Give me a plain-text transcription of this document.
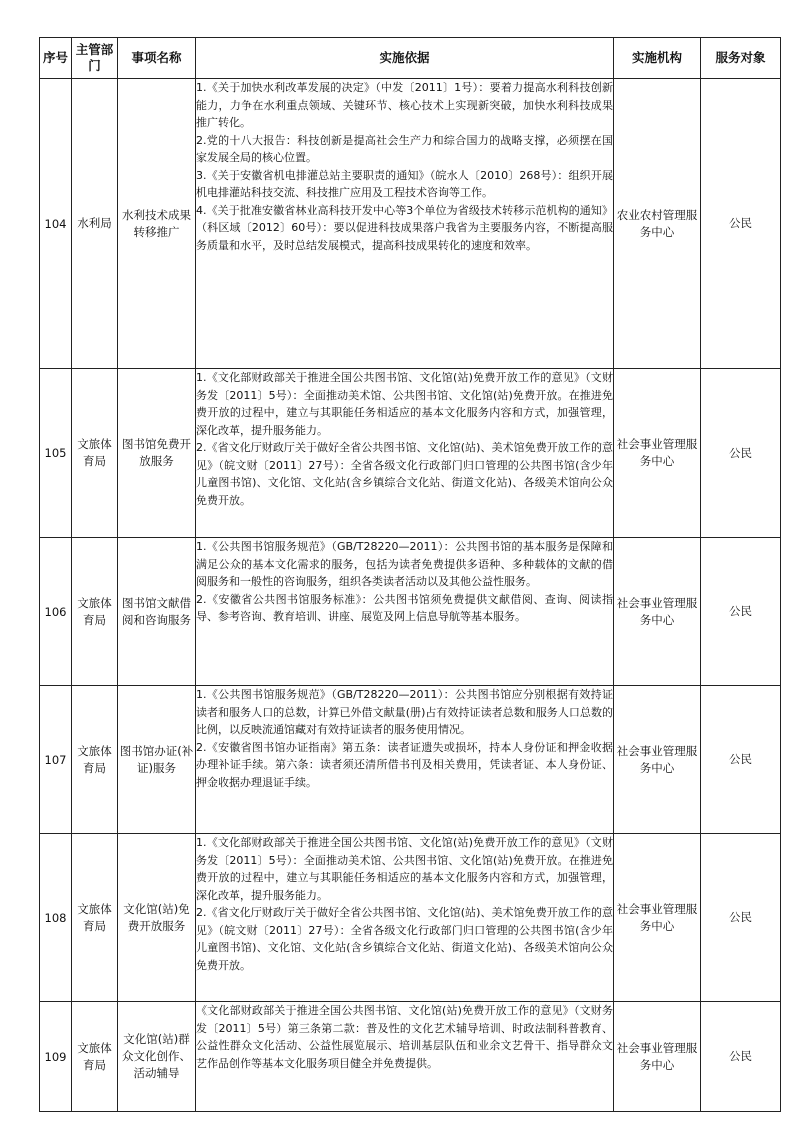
序号	主管部门	事项名称	实施依据	实施机构	服务对象
104	水利局	水利技术成果转移推广	1.《关于加快水利改革发展的决定》（中发〔2011〕1号）：要着力提高水利科技创新能力，力争在水利重点领域、关键环节、核心技术上实现新突破，加快水利科技成果推广转化。
2.党的十八大报告：科技创新是提高社会生产力和综合国力的战略支撑，必须摆在国家发展全局的核心位置。
3.《关于安徽省机电排灌总站主要职责的通知》（皖水人〔2010〕268号）：组织开展机电排灌站科技交流、科技推广应用及工程技术咨询等工作。
4.《关于批准安徽省林业高科技开发中心等3个单位为省级技术转移示范机构的通知》（科区域〔2012〕60号）：要以促进科技成果落户我省为主要服务内容，不断提高服务质量和水平，及时总结发展模式，提高科技成果转化的速度和效率。	农业农村管理服务中心	公民
105	文旅体育局	图书馆免费开放服务	1.《文化部财政部关于推进全国公共图书馆、文化馆(站)免费开放工作的意见》（文财务发〔2011〕5号）：全面推动美术馆、公共图书馆、文化馆(站)免费开放。在推进免费开放的过程中，建立与其职能任务相适应的基本文化服务内容和方式，加强管理，深化改革，提升服务能力。
2.《省文化厅财政厅关于做好全省公共图书馆、文化馆(站)、美术馆免费开放工作的意见》（皖文财〔2011〕27号）：全省各级文化行政部门归口管理的公共图书馆(含少年儿童图书馆)、文化馆、文化站(含乡镇综合文化站、街道文化站)、各级美术馆向公众免费开放。	社会事业管理服务中心	公民
106	文旅体育局	图书馆文献借阅和咨询服务	1.《公共图书馆服务规范》（GB/T28220—2011）：公共图书馆的基本服务是保障和满足公众的基本文化需求的服务，包括为读者免费提供多语种、多种载体的文献的借阅服务和一般性的咨询服务，组织各类读者活动以及其他公益性服务。
2.《安徽省公共图书馆服务标准》：公共图书馆须免费提供文献借阅、查询、阅读指导、参考咨询、教育培训、讲座、展览及网上信息导航等基本服务。	社会事业管理服务中心	公民
107	文旅体育局	图书馆办证(补证)服务	1.《公共图书馆服务规范》（GB/T28220—2011）：公共图书馆应分别根据有效持证读者和服务人口的总数，计算已外借文献量(册)占有效持证读者总数和服务人口总数的比例，以反映流通馆藏对有效持证读者的服务使用情况。
2.《安徽省图书馆办证指南》第五条：读者证遗失或损坏，持本人身份证和押金收据办理补证手续。第六条：读者须还清所借书刊及相关费用，凭读者证、本人身份证、押金收据办理退证手续。	社会事业管理服务中心	公民
108	文旅体育局	文化馆(站)免费开放服务	1.《文化部财政部关于推进全国公共图书馆、文化馆(站)免费开放工作的意见》（文财务发〔2011〕5号）：全面推动美术馆、公共图书馆、文化馆(站)免费开放。在推进免费开放的过程中，建立与其职能任务相适应的基本文化服务内容和方式，加强管理，深化改革，提升服务能力。
2.《省文化厅财政厅关于做好全省公共图书馆、文化馆(站)、美术馆免费开放工作的意见》（皖文财〔2011〕27号）：全省各级文化行政部门归口管理的公共图书馆(含少年儿童图书馆)、文化馆、文化站(含乡镇综合文化站、街道文化站)、各级美术馆向公众免费开放。	社会事业管理服务中心	公民
109	文旅体育局	文化馆(站)群众文化创作、活动辅导	《文化部财政部关于推进全国公共图书馆、文化馆(站)免费开放工作的意见》（文财务发〔2011〕5号）第三条第二款：普及性的文化艺术辅导培训、时政法制科普教育、公益性群众文化活动、公益性展览展示、培训基层队伍和业余文艺骨干、指导群众文艺作品创作等基本文化服务项目健全并免费提供。	社会事业管理服务中心	公民
